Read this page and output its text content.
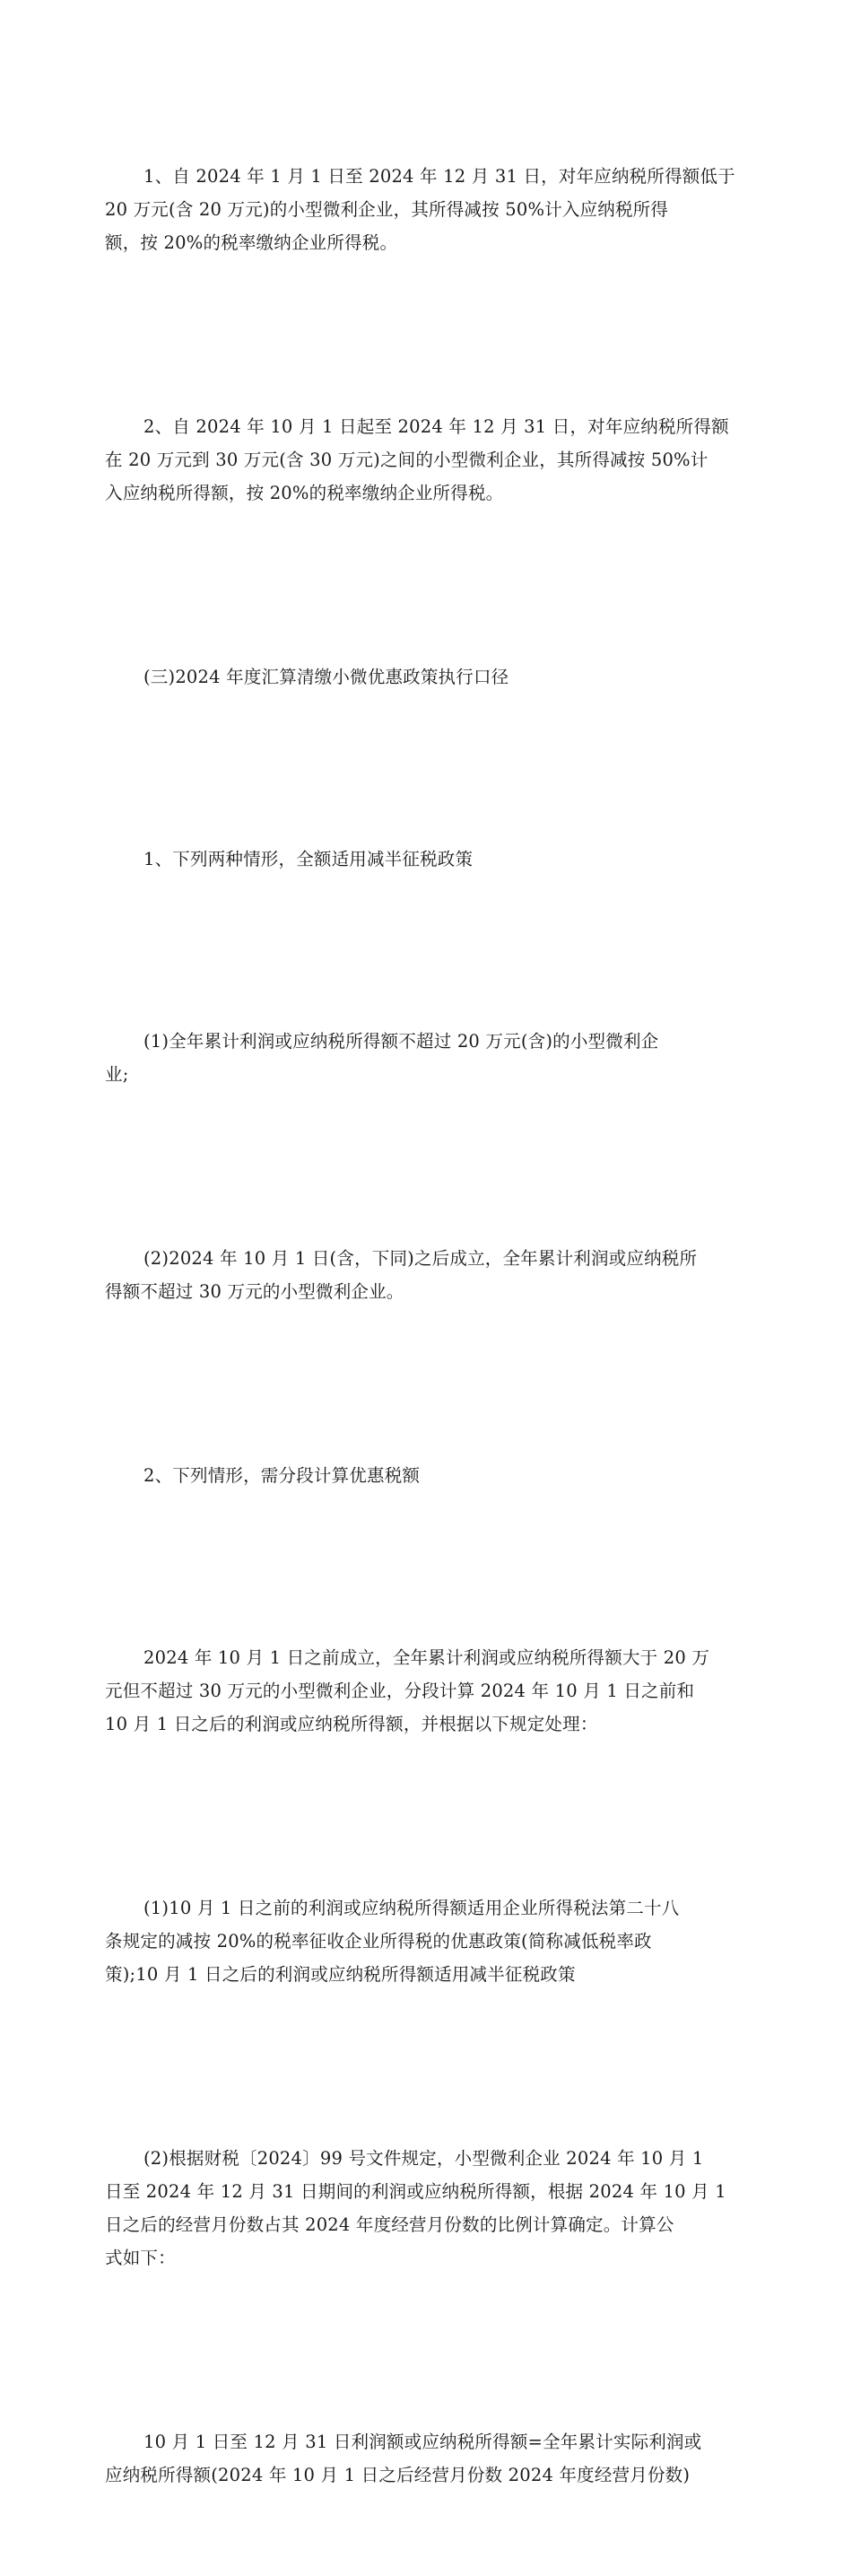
1、自 2024 年 1 月 1 日至 2024 年 12 月 31 日，对年应纳税所得额低于
20 万元(含 20 万元)的小型微利企业，其所得减按 50%计入应纳税所得
额，按 20%的税率缴纳企业所得税。

2、自 2024 年 10 月 1 日起至 2024 年 12 月 31 日，对年应纳税所得额
在 20 万元到 30 万元(含 30 万元)之间的小型微利企业，其所得减按 50%计
入应纳税所得额，按 20%的税率缴纳企业所得税。

(三)2024 年度汇算清缴小微优惠政策执行口径

1、下列两种情形，全额适用减半征税政策

(1)全年累计利润或应纳税所得额不超过 20 万元(含)的小型微利企
业;

(2)2024 年 10 月 1 日(含，下同)之后成立，全年累计利润或应纳税所
得额不超过 30 万元的小型微利企业。

2、下列情形，需分段计算优惠税额

2024 年 10 月 1 日之前成立，全年累计利润或应纳税所得额大于 20 万
元但不超过 30 万元的小型微利企业，分段计算 2024 年 10 月 1 日之前和
10 月 1 日之后的利润或应纳税所得额，并根据以下规定处理：

(1)10 月 1 日之前的利润或应纳税所得额适用企业所得税法第二十八
条规定的减按 20%的税率征收企业所得税的优惠政策(简称减低税率政
策);10 月 1 日之后的利润或应纳税所得额适用减半征税政策

(2)根据财税〔2024〕99 号文件规定，小型微利企业 2024 年 10 月 1
日至 2024 年 12 月 31 日期间的利润或应纳税所得额，根据 2024 年 10 月 1
日之后的经营月份数占其 2024 年度经营月份数的比例计算确定。计算公
式如下：

10 月 1 日至 12 月 31 日利润额或应纳税所得额=全年累计实际利润或
应纳税所得额(2024 年 10 月 1 日之后经营月份数 2024 年度经营月份数)
